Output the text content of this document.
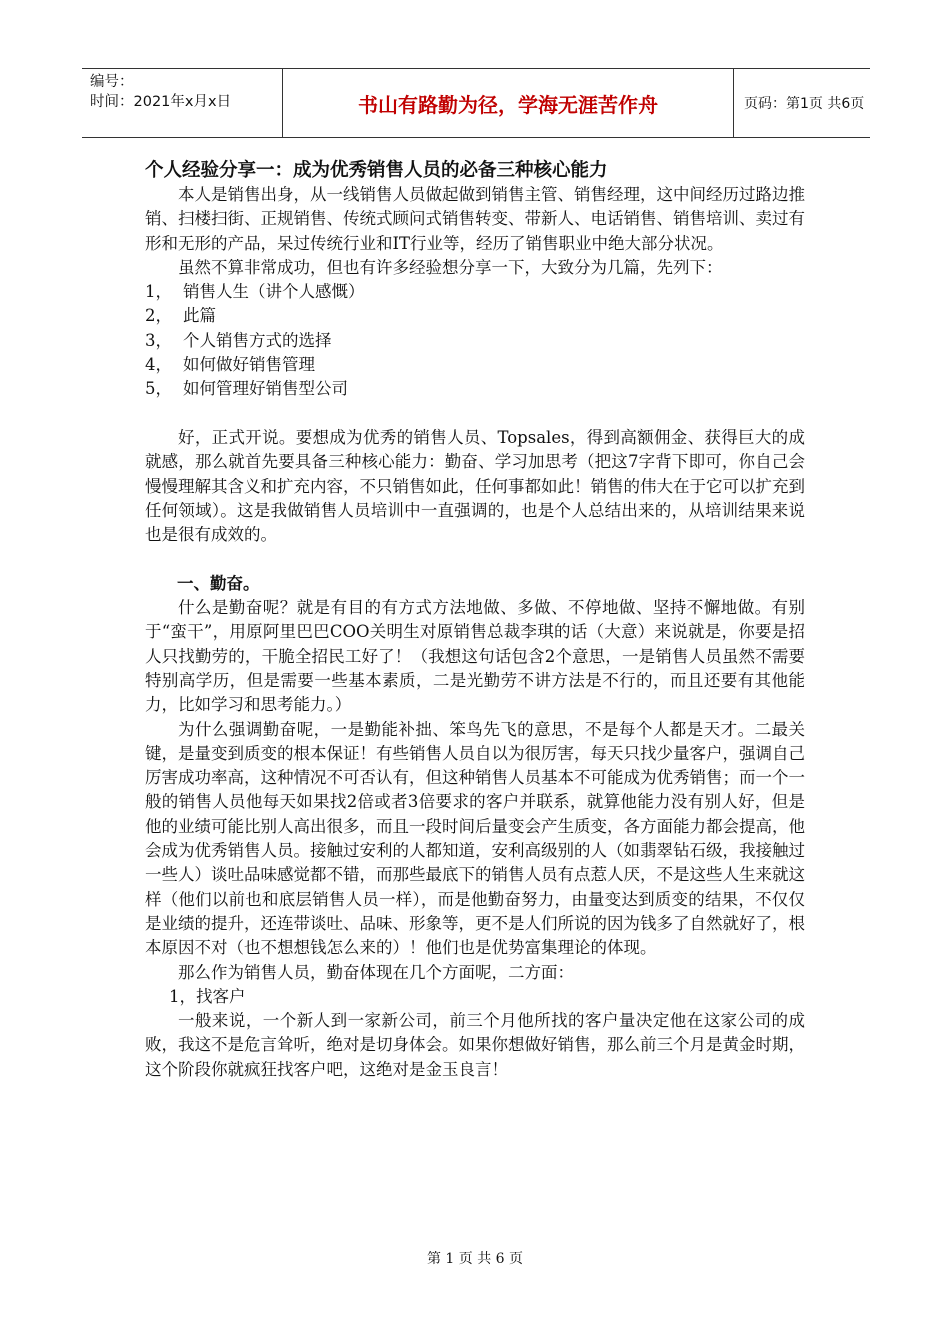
编号：
时间：2021年x月x日	书山有路勤为径，学海无涯苦作舟	页码：第1页 共6页
个人经验分享一：成为优秀销售人员的必备三种核心能力

本人是销售出身，从一线销售人员做起做到销售主管、销售经理，这中间经历过路边推销、扫楼扫街、正规销售、传统式顾问式销售转变、带新人、电话销售、销售培训、卖过有形和无形的产品，呆过传统行业和IT行业等，经历了销售职业中绝大部分状况。

虽然不算非常成功，但也有许多经验想分享一下，大致分为几篇，先列下：

1， 销售人生（讲个人感慨）

2， 此篇

3， 个人销售方式的选择

4， 如何做好销售管理

5， 如何管理好销售型公司

好，正式开说。要想成为优秀的销售人员、Topsales，得到高额佣金、获得巨大的成就感，那么就首先要具备三种核心能力：勤奋、学习加思考（把这7字背下即可，你自己会慢慢理解其含义和扩充内容，不只销售如此，任何事都如此！销售的伟大在于它可以扩充到任何领域）。这是我做销售人员培训中一直强调的，也是个人总结出来的，从培训结果来说也是很有成效的。

一、勤奋。

什么是勤奋呢？就是有目的有方式方法地做、多做、不停地做、坚持不懈地做。有别于“蛮干”，用原阿里巴巴COO关明生对原销售总裁李琪的话（大意）来说就是，你要是招人只找勤劳的，干脆全招民工好了！（我想这句话包含2个意思，一是销售人员虽然不需要特别高学历，但是需要一些基本素质，二是光勤劳不讲方法是不行的，而且还要有其他能力，比如学习和思考能力。）

为什么强调勤奋呢，一是勤能补拙、笨鸟先飞的意思，不是每个人都是天才。二最关键，是量变到质变的根本保证！有些销售人员自以为很厉害，每天只找少量客户，强调自己厉害成功率高，这种情况不可否认有，但这种销售人员基本不可能成为优秀销售；而一个一般的销售人员他每天如果找2倍或者3倍要求的客户并联系，就算他能力没有别人好，但是他的业绩可能比别人高出很多，而且一段时间后量变会产生质变，各方面能力都会提高，他会成为优秀销售人员。接触过安利的人都知道，安利高级别的人（如翡翠钻石级，我接触过一些人）谈吐品味感觉都不错，而那些最底下的销售人员有点惹人厌，不是这些人生来就这样（他们以前也和底层销售人员一样），而是他勤奋努力，由量变达到质变的结果，不仅仅是业绩的提升，还连带谈吐、品味、形象等，更不是人们所说的因为钱多了自然就好了，根本原因不对（也不想想钱怎么来的）！他们也是优势富集理论的体现。

那么作为销售人员，勤奋体现在几个方面呢，二方面：

1，找客户

一般来说，一个新人到一家新公司，前三个月他所找的客户量决定他在这家公司的成败，我这不是危言耸听，绝对是切身体会。如果你想做好销售，那么前三个月是黄金时期，这个阶段你就疯狂找客户吧，这绝对是金玉良言！

第 1 页 共 6 页
